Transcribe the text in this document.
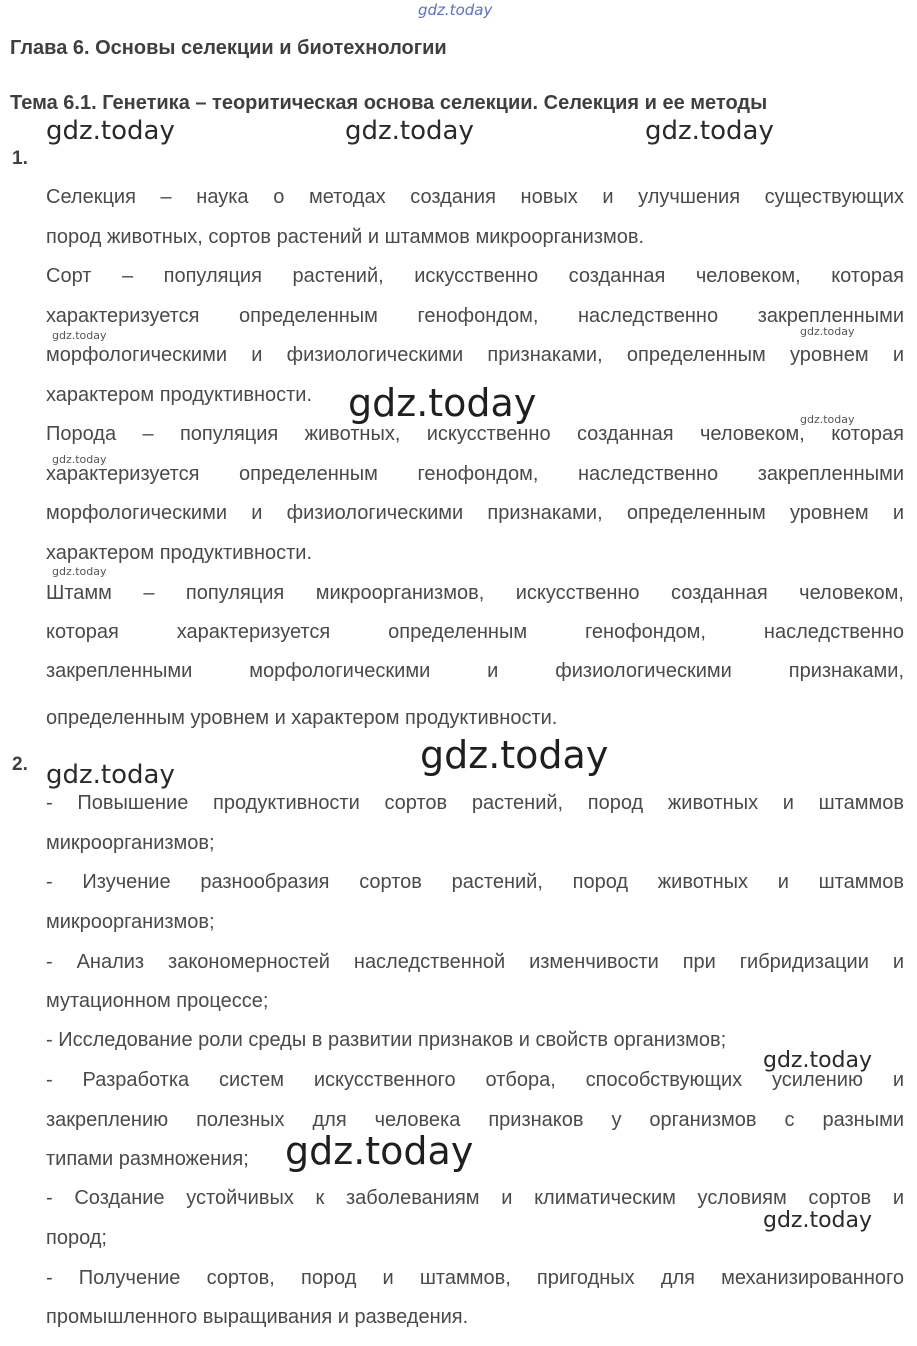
gdz.today
Глава 6. Основы селекции и биотехнологии
Тема 6.1. Генетика – теоритическая основа селекции. Селекция и ее методы
1.
Селекция – наука о методах создания новых и улучшения существующих
пород животных, сортов растений и штаммов микроорганизмов.
Сорт – популяция растений, искусственно созданная человеком, которая
характеризуется определенным генофондом, наследственно закрепленными
морфологическими и физиологическими признаками, определенным уровнем и
характером продуктивности.
Порода – популяция животных, искусственно созданная человеком, которая
характеризуется определенным генофондом, наследственно закрепленными
морфологическими и физиологическими признаками, определенным уровнем и
характером продуктивности.
Штамм – популяция микроорганизмов, искусственно созданная человеком,
которая характеризуется определенным генофондом, наследственно
закрепленными морфологическими и физиологическими признаками,
определенным уровнем и характером продуктивности.
2.
- Повышение продуктивности сортов растений, пород животных и штаммов
микроорганизмов;
- Изучение разнообразия сортов растений, пород животных и штаммов
микроорганизмов;
- Анализ закономерностей наследственной изменчивости при гибридизации и
мутационном процессе;
- Исследование роли среды в развитии признаков и свойств организмов;
- Разработка систем искусственного отбора, способствующих усилению и
закреплению полезных для человека признаков у организмов с разными
типами размножения;
- Создание устойчивых к заболеваниям и климатическим условиям сортов и
пород;
- Получение сортов, пород и штаммов, пригодных для механизированного
промышленного выращивания и разведения.
gdz.today	gdz.today	gdz.today
gdz.today	gdz.today
gdz.today	gdz.today
gdz.today
gdz.today
gdz.today
gdz.today
gdz.today
gdz.today
gdz.today
